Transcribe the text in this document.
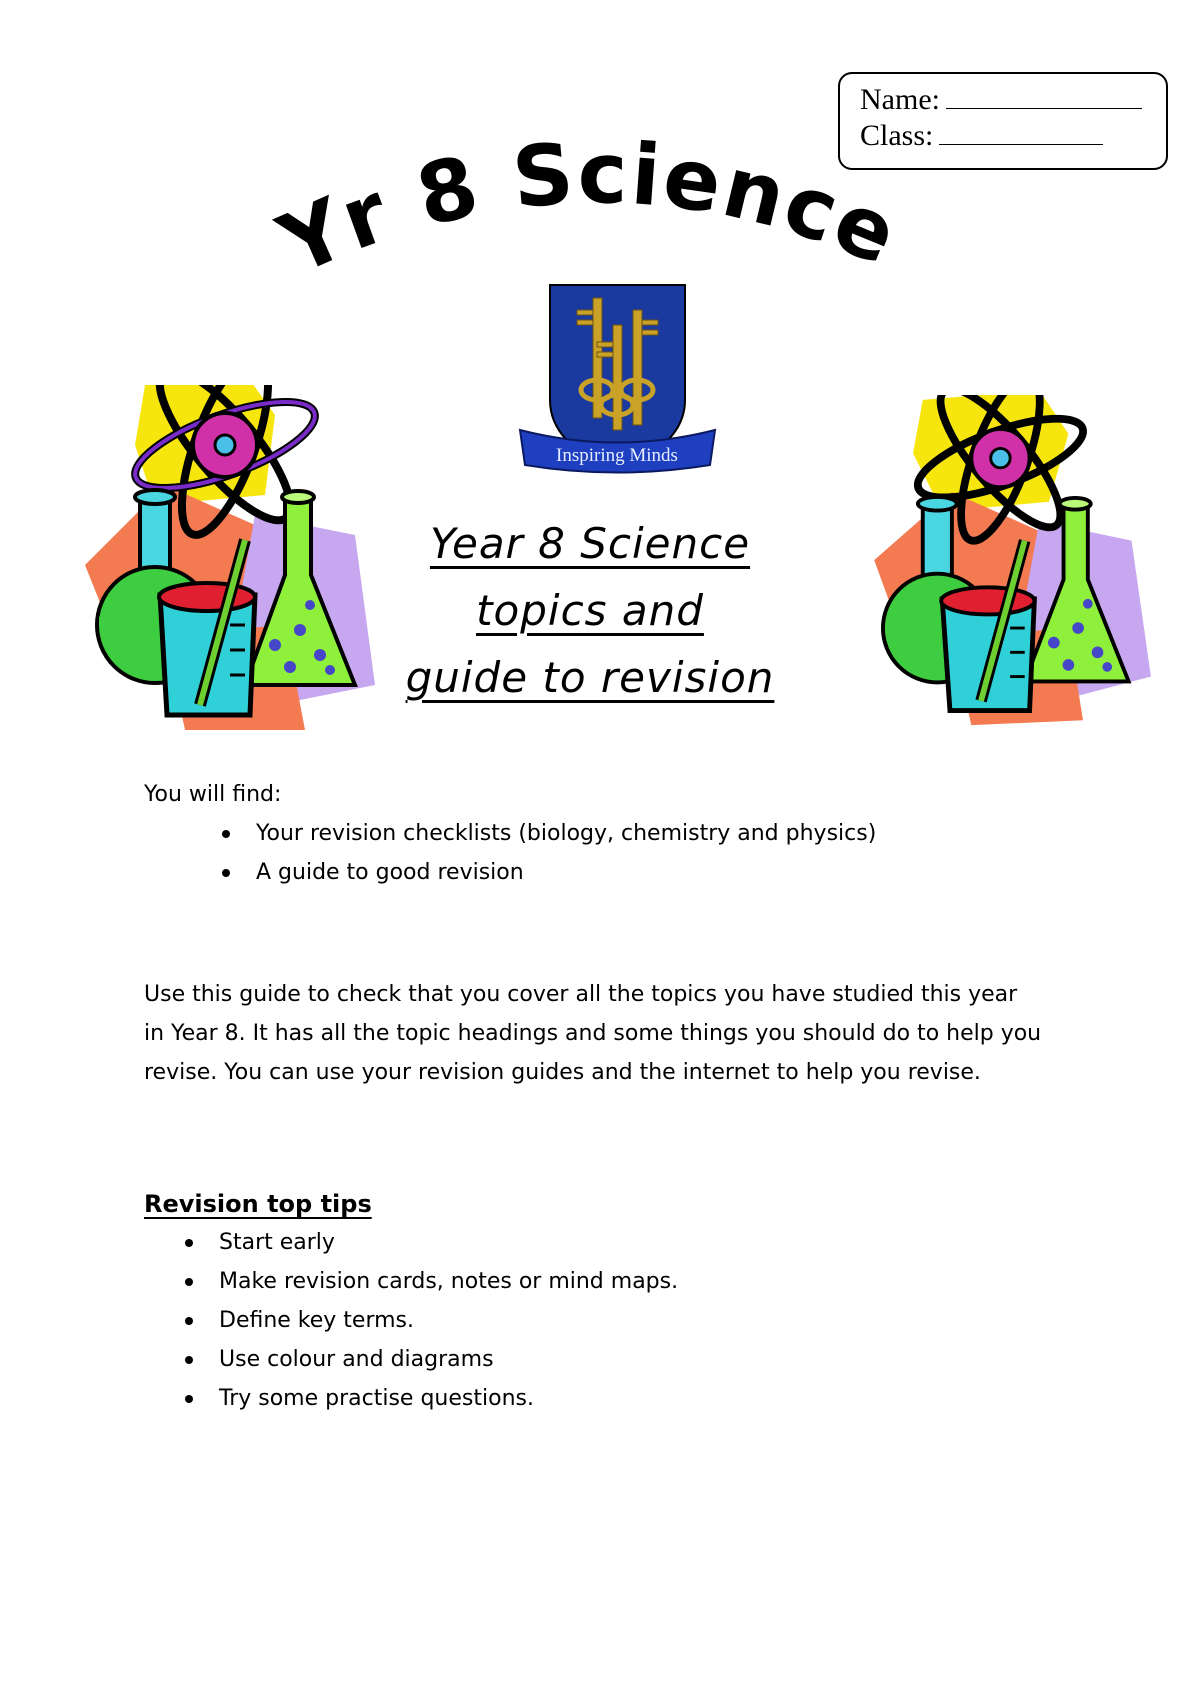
Name:
Class:
Yr 8 Science
Inspiring Minds
Year 8 Science
topics and
guide to revision
You will find:
Your revision checklists (biology, chemistry and physics)
A guide to good revision
Use this guide to check that you cover all the topics you have studied this year in Year 8. It has all the topic headings and some things you should do to help you revise. You can use your revision guides and the internet to help you revise.
Revision top tips
Start early
Make revision cards, notes or mind maps.
Define key terms.
Use colour and diagrams
Try some practise questions.
